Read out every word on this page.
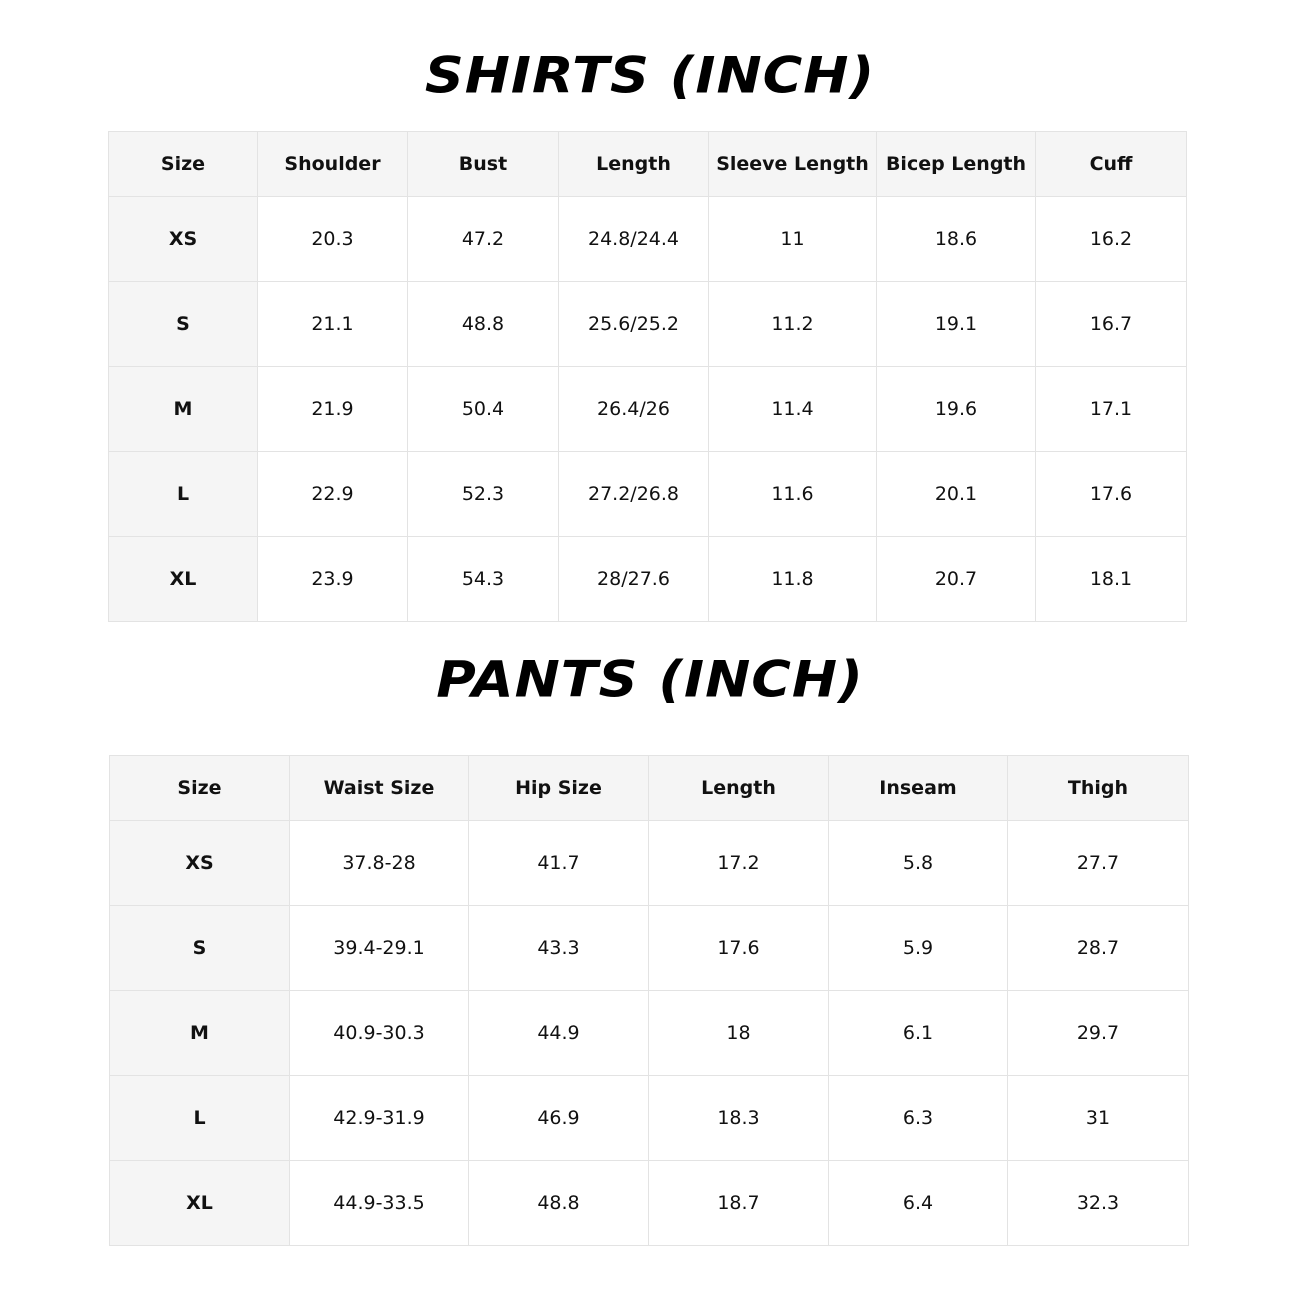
SHIRTS (INCH)
Size	Shoulder	Bust	Length	Sleeve Length	Bicep Length	Cuff
XS	20.3	47.2	24.8/24.4	11	18.6	16.2
S	21.1	48.8	25.6/25.2	11.2	19.1	16.7
M	21.9	50.4	26.4/26	11.4	19.6	17.1
L	22.9	52.3	27.2/26.8	11.6	20.1	17.6
XL	23.9	54.3	28/27.6	11.8	20.7	18.1
PANTS (INCH)
Size	Waist Size	Hip Size	Length	Inseam	Thigh
XS	37.8-28	41.7	17.2	5.8	27.7
S	39.4-29.1	43.3	17.6	5.9	28.7
M	40.9-30.3	44.9	18	6.1	29.7
L	42.9-31.9	46.9	18.3	6.3	31
XL	44.9-33.5	48.8	18.7	6.4	32.3
